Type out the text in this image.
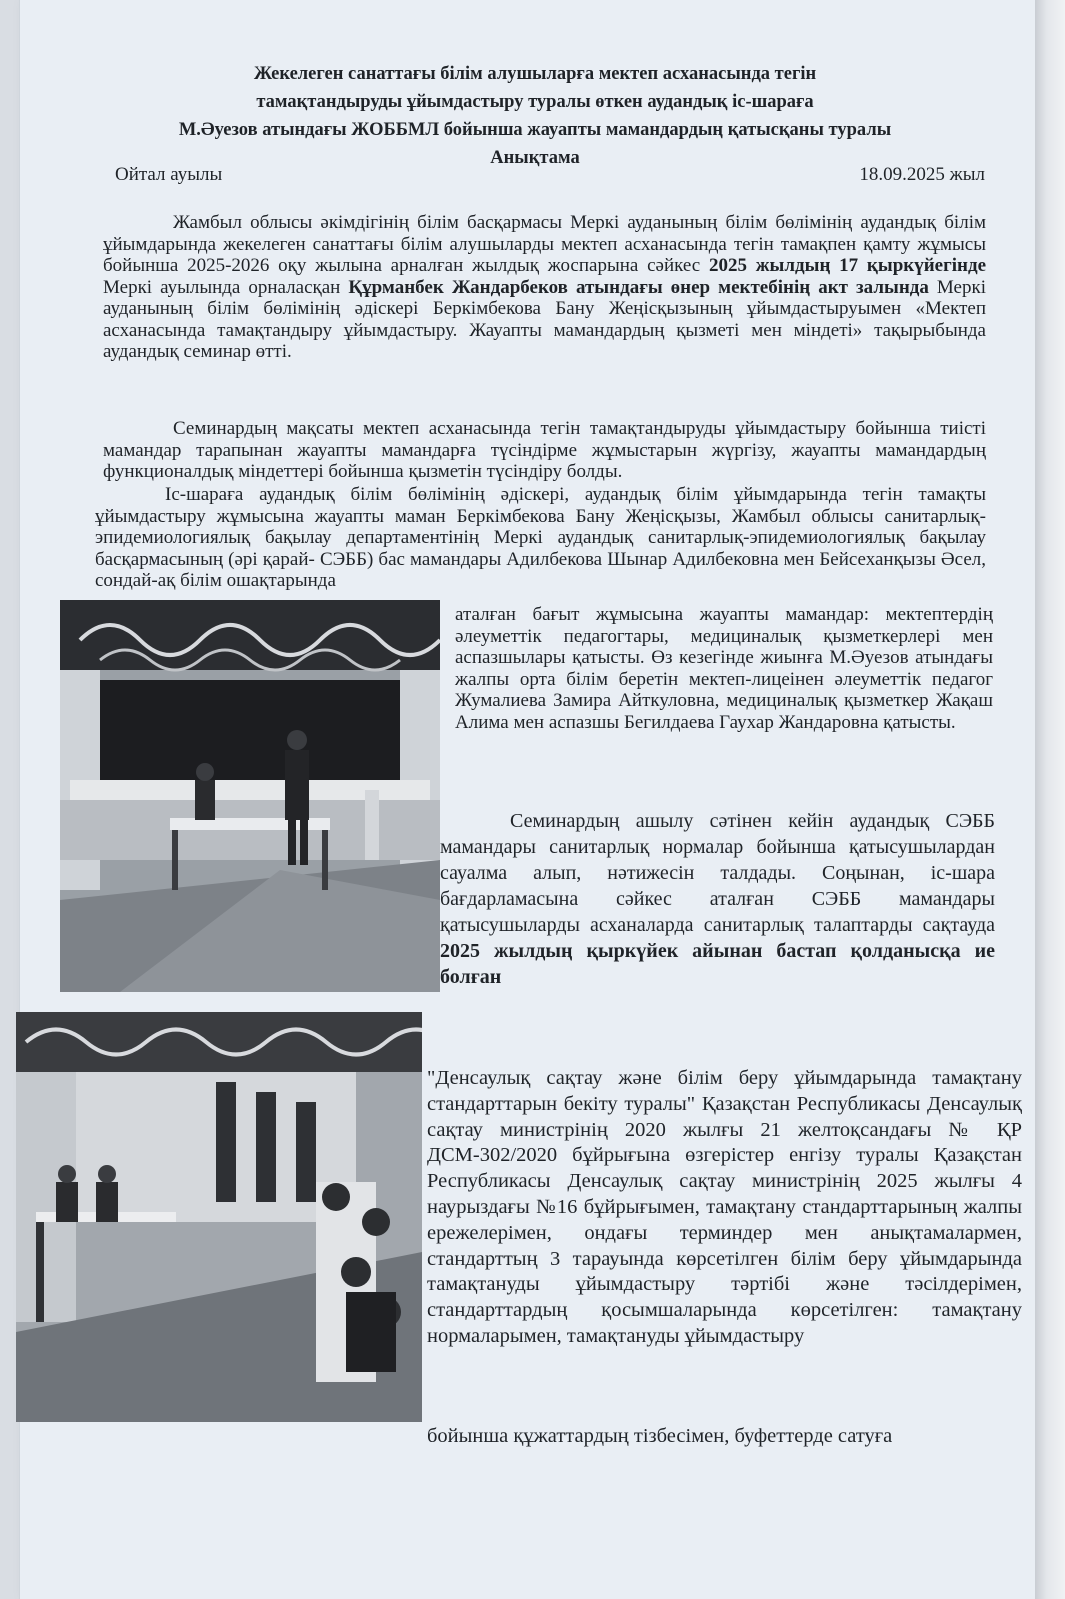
Жекелеген санаттағы білім алушыларға мектеп асханасында тегін
тамақтандыруды ұйымдастыру туралы өткен аудандық іс-шараға
М.Әуезов атындағы ЖОББМЛ бойынша жауапты мамандардың қатысқаны туралы
Анықтама
Ойтал ауылы	18.09.2025 жыл
Жамбыл облысы әкімдігінің білім басқармасы Меркі ауданының білім бөлімінің аудандық білім ұйымдарында жекелеген санаттағы білім алушыларды мектеп асханасында тегін тамақпен қамту жұмысы бойынша 2025-2026 оқу жылына арналған жылдық жоспарына сәйкес 2025 жылдың 17 қыркүйегінде Меркі ауылында орналасқан Құрманбек Жандарбеков атындағы өнер мектебінің акт залында Меркі ауданының білім бөлімінің әдіскері Беркімбекова Бану Жеңісқызының ұйымдастыруымен «Мектеп асханасында тамақтандыру ұйымдастыру. Жауапты мамандардың қызметі мен міндеті» тақырыбында аудандық семинар өтті.
Семинардың мақсаты мектеп асханасында тегін тамақтандыруды ұйымдастыру бойынша тиісті мамандар тарапынан жауапты мамандарға түсіндірме жұмыстарын жүргізу, жауапты мамандардың функционалдық міндеттері бойынша қызметін түсіндіру болды.
Іс-шараға аудандық білім бөлімінің әдіскері, аудандық білім ұйымдарында тегін тамақты ұйымдастыру жұмысына жауапты маман Беркімбекова Бану Жеңісқызы, Жамбыл облысы санитарлық-эпидемиологиялық бақылау департаментінің Меркі аудандық санитарлық-эпидемиологиялық бақылау басқармасының (әрі қарай- СЭББ) бас мамандары Адилбекова Шынар Адилбековна мен Бейсеханқызы Әсел, сондай-ақ білім ошақтарында
аталған бағыт жұмысына жауапты мамандар: мектептердің әлеуметтік педагогтары, медициналық қызметкерлері мен аспазшылары қатысты. Өз кезегінде жиынға М.Әуезов атындағы жалпы орта білім беретін мектеп-лицеінен әлеуметтік педагог Жумалиева Замира Айткуловна, медициналық қызметкер Жақаш Алима мен аспазшы Бегилдаева Гаухар Жандаровна қатысты.
Семинардың ашылу сәтінен кейін аудандық СЭББ мамандары санитарлық нормалар бойынша қатысушылардан сауалма алып, нәтижесін талдады. Соңынан, іс-шара бағдарламасына сәйкес аталған СЭББ мамандары қатысушыларды асханаларда санитарлық талаптарды сақтауда 2025 жылдың қыркүйек айынан бастап қолданысқа ие болған
"Денсаулық сақтау және білім беру ұйымдарында тамақтану стандарттарын бекіту туралы" Қазақстан Республикасы Денсаулық сақтау министрінің 2020 жылғы 21 желтоқсандағы № ҚР ДСМ-302/2020 бұйрығына өзгерістер енгізу туралы Қазақстан Республикасы Денсаулық сақтау министрінің 2025 жылғы 4 наурыздағы №16 бұйрығымен, тамақтану стандарттарының жалпы ережелерімен, ондағы терминдер мен анықтамалармен, стандарттың 3 тарауында көрсетілген білім беру ұйымдарында тамақтануды ұйымдастыру тәртібі және тәсілдерімен, стандарттардың қосымшаларында көрсетілген: тамақтану нормаларымен, тамақтануды ұйымдастыру
бойынша құжаттардың тізбесімен, буфеттерде сатуға
